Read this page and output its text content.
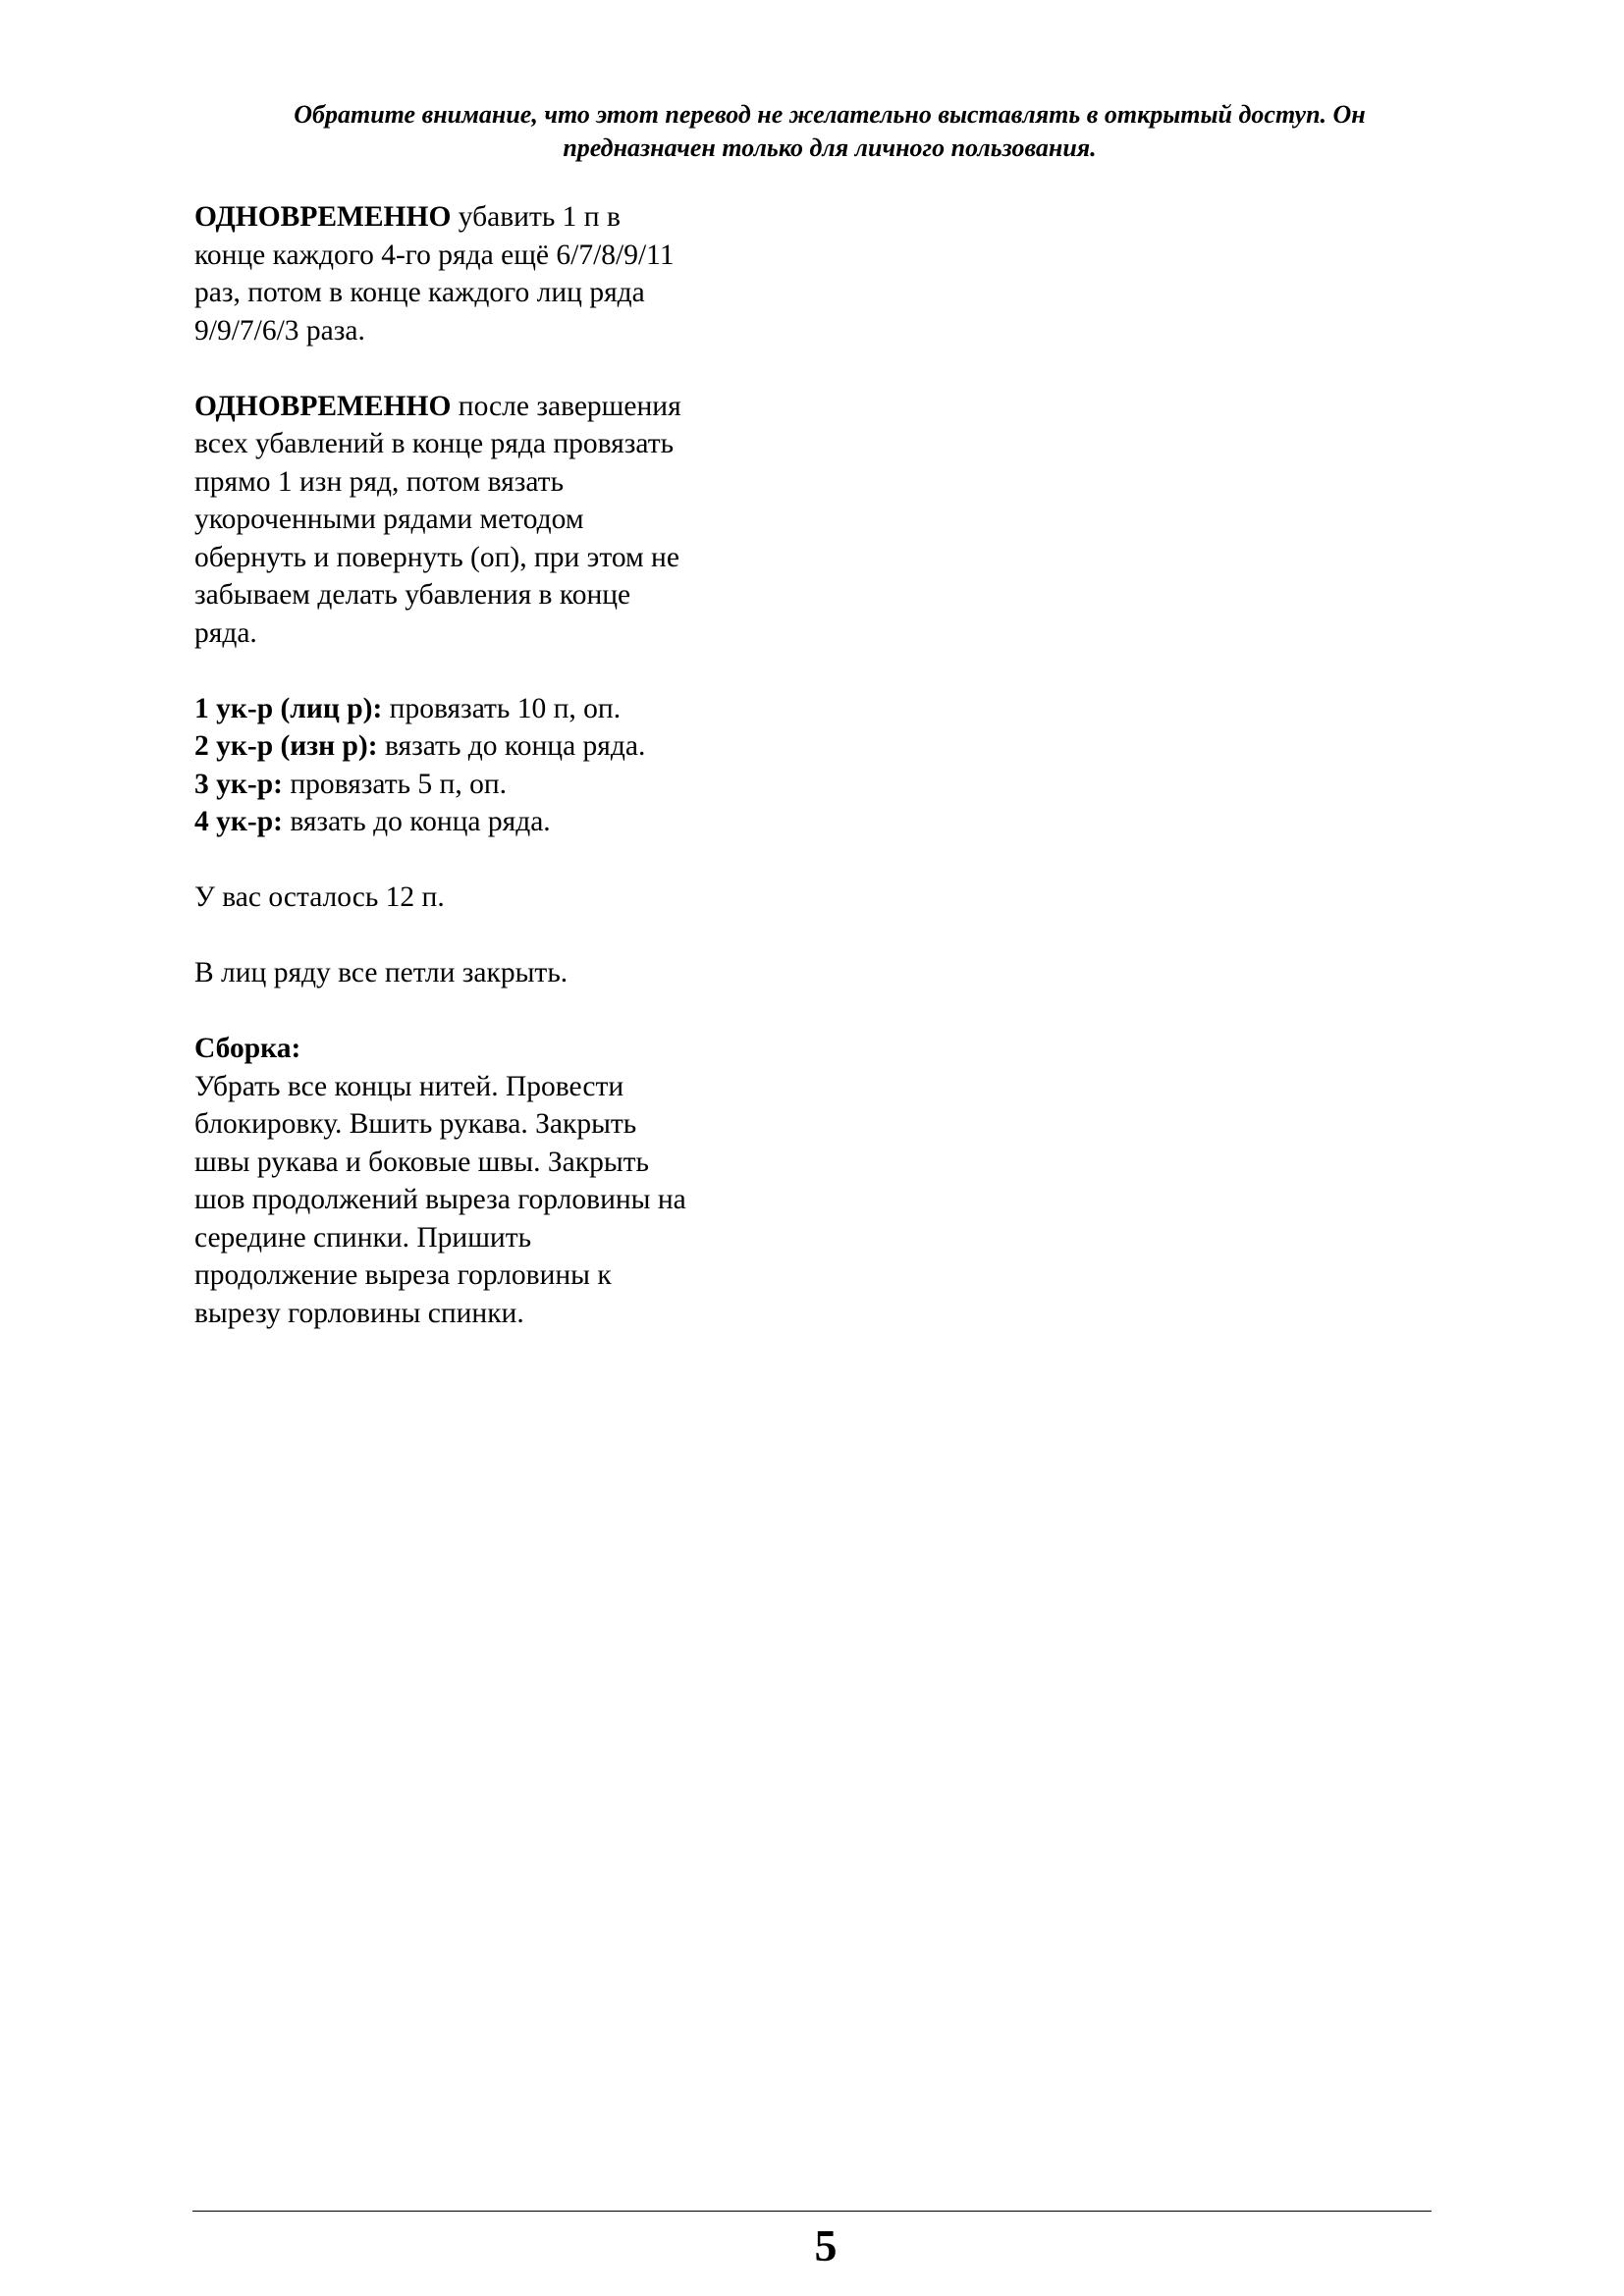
Обратите внимание, что этот перевод не желательно выставлять в открытый доступ. Он
предназначен только для личного пользования.
ОДНОВРЕМЕННО убавить 1 п в
конце каждого 4-го ряда ещё 6/7/8/9/11
раз, потом в конце каждого лиц ряда
9/9/7/6/3 раза.
ОДНОВРЕМЕННО после завершения
всех убавлений в конце ряда провязать
прямо 1 изн ряд, потом вязать
укороченными рядами методом
обернуть и повернуть (оп), при этом не
забываем делать убавления в конце
ряда.
1 ук-р (лиц р): провязать 10 п, оп.
2 ук-р (изн р): вязать до конца ряда.
3 ук-р: провязать 5 п, оп.
4 ук-р: вязать до конца ряда.
У вас осталось 12 п.
В лиц ряду все петли закрыть.
Сборка:
Убрать все концы нитей. Провести
блокировку. Вшить рукава. Закрыть
швы рукава и боковые швы. Закрыть
шов продолжений выреза горловины на
середине спинки. Пришить
продолжение выреза горловины к
вырезу горловины спинки.
5
